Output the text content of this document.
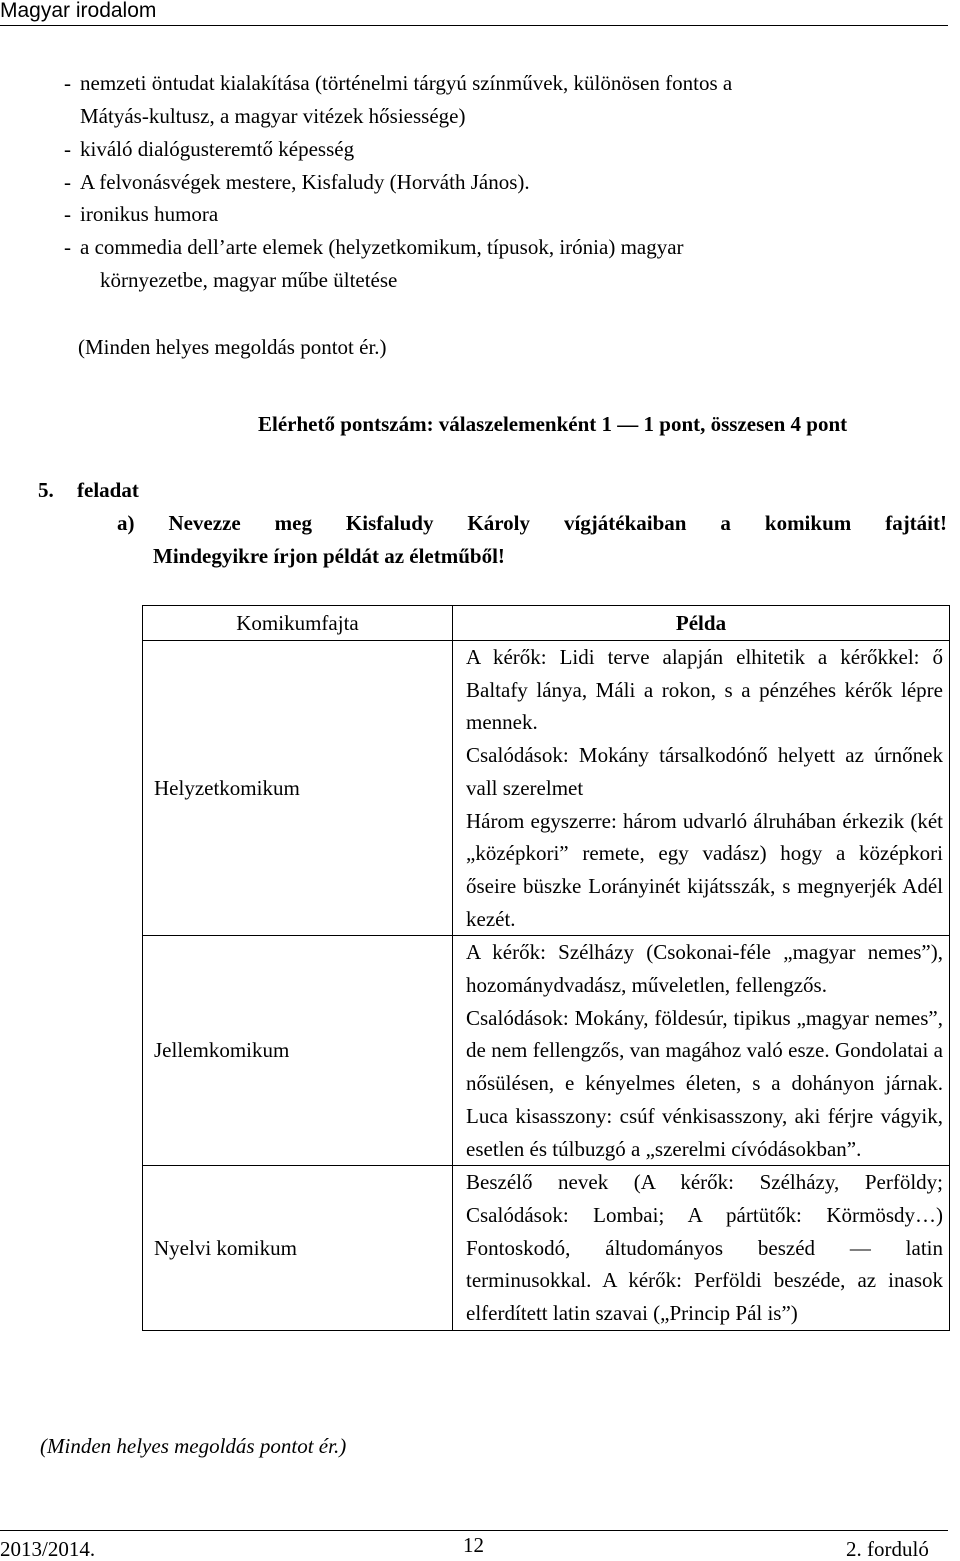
Magyar irodalom
- nemzeti öntudat kialakítása (történelmi tárgyú színművek, különösen fontos a
Mátyás-kultusz, a magyar vitézek hősiessége)
- kiváló dialógusteremtő képesség
- A felvonásvégek mestere, Kisfaludy (Horváth János).
- ironikus humora
- a commedia dell’arte elemek (helyzetkomikum, típusok, irónia) magyar
környezetbe, magyar műbe ültetése
(Minden helyes megoldás pontot ér.)
Elérhető pontszám: válaszelemenként 1 — 1 pont, összesen 4 pont
5. feladat
a) Nevezze meg Kisfaludy Károly vígjátékaiban a komikum fajtáit!
Mindegyikre írjon példát az életműből!
Komikumfajta	Példa
Helyzetkomikum	A kérők: Lidi terve alapján elhitetik a kérőkkel: ő Baltafy lánya, Máli a rokon, s a pénzéhes kérők lépre mennek.

Csalódások: Mokány társalkodónő helyett az úrnőnek vall szerelmet

Három egyszerre: három udvarló álruhában érkezik (két „középkori” remete, egy vadász) hogy a középkori őseire büszke Lorányinét kijátsszák, s megnyerjék Adél kezét.

Jellemkomikum	A kérők: Szélházy (Csokonai-féle „magyar nemes”), hozománydvadász, műveletlen, fellengzős.

Csalódások: Mokány, földesúr, tipikus „magyar nemes”, de nem fellengzős, van magához való esze. Gondolatai a nősülésen, e kényelmes életen, s a dohányon járnak. Luca kisasszony: csúf vénkisasszony, aki férjre vágyik, esetlen és túlbuzgó a „szerelmi cívódásokban”.

Nyelvi komikum	Beszélő nevek (A kérők: Szélházy, Perföldy; Csalódások: Lombai; A pártütők: Körmösdy…) Fontoskodó, áltudományos beszéd — latin terminusokkal. A kérők: Perföldi beszéde, az inasok elferdített latin szavai („Princip Pál is”)

(Minden helyes megoldás pontot ér.)
2013/2014.	12	2. forduló
